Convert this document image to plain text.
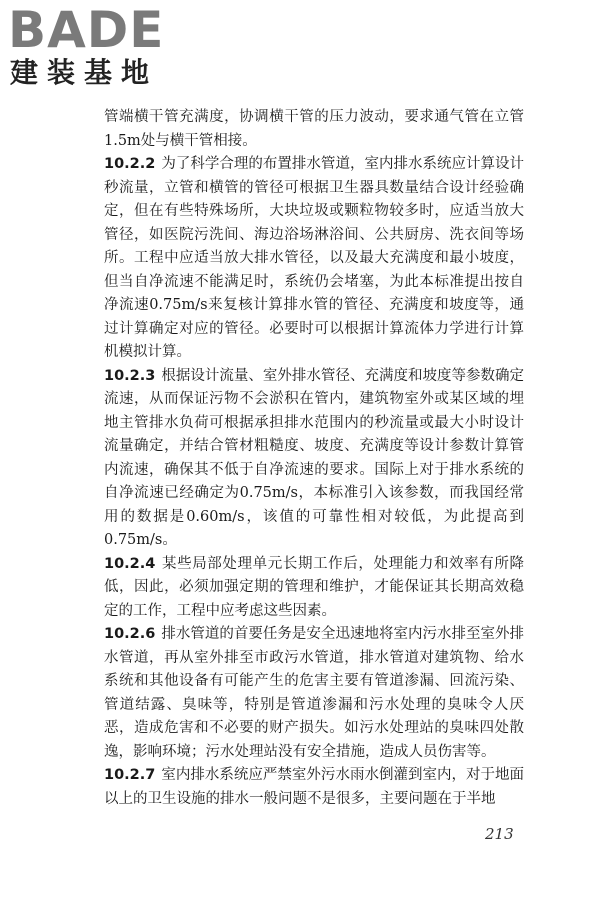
BADE

建装基地

管端横干管充满度，协调横干管的压力波动，要求通气管在立管1.5m处与横干管相接。

10.2.2 为了科学合理的布置排水管道，室内排水系统应计算设计秒流量，立管和横管的管径可根据卫生器具数量结合设计经验确定，但在有些特殊场所，大块垃圾或颗粒物较多时，应适当放大管径，如医院污洗间、海边浴场淋浴间、公共厨房、洗衣间等场所。工程中应适当放大排水管径，以及最大充满度和最小坡度，但当自净流速不能满足时，系统仍会堵塞，为此本标准提出按自净流速0.75m/s来复核计算排水管的管径、充满度和坡度等，通过计算确定对应的管径。必要时可以根据计算流体力学进行计算机模拟计算。

10.2.3 根据设计流量、室外排水管径、充满度和坡度等参数确定流速，从而保证污物不会淤积在管内，建筑物室外或某区域的埋地主管排水负荷可根据承担排水范围内的秒流量或最大小时设计流量确定，并结合管材粗糙度、坡度、充满度等设计参数计算管内流速，确保其不低于自净流速的要求。国际上对于排水系统的自净流速已经确定为0.75m/s，本标准引入该参数，而我国经常用的数据是0.60m/s，该值的可靠性相对较低，为此提高到0.75m/s。

10.2.4 某些局部处理单元长期工作后，处理能力和效率有所降低，因此，必须加强定期的管理和维护，才能保证其长期高效稳定的工作，工程中应考虑这些因素。

10.2.6 排水管道的首要任务是安全迅速地将室内污水排至室外排水管道，再从室外排至市政污水管道，排水管道对建筑物、给水系统和其他设备有可能产生的危害主要有管道渗漏、回流污染、管道结露、臭味等，特别是管道渗漏和污水处理的臭味令人厌恶，造成危害和不必要的财产损失。如污水处理站的臭味四处散逸，影响环境；污水处理站没有安全措施，造成人员伤害等。

10.2.7 室内排水系统应严禁室外污水雨水倒灌到室内，对于地面以上的卫生设施的排水一般问题不是很多，主要问题在于半地

213
